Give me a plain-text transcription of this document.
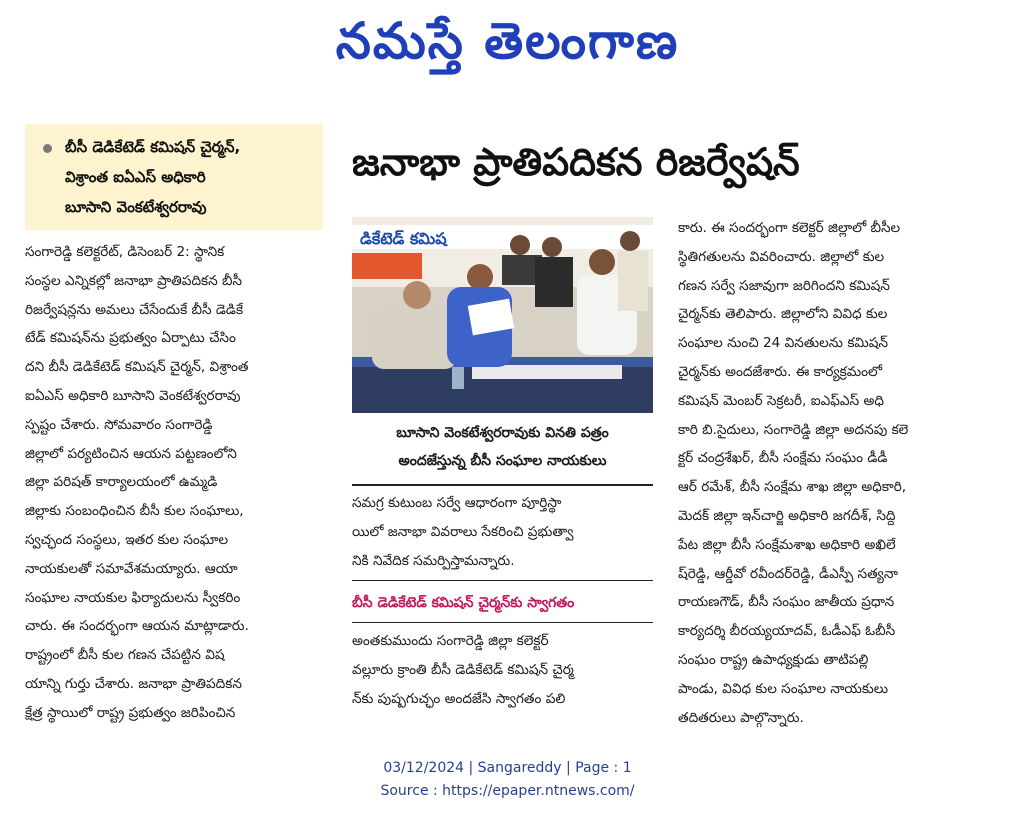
నమస్తే తెలంగాణ
బీసీ డెడికేటెడ్ కమిషన్ చైర్మన్,
విశ్రాంత ఐఏఎస్ అధికారి
బూసాని వెంకటేశ్వరరావు
జనాభా ప్రాతిపదికన రిజర్వేషన్
డికేటెడ్ కమిష
బూసాని వెంకటేశ్వరరావుకు వినతి పత్రం
అందజేస్తున్న బీసీ సంఘాల నాయకులు
సంగారెడ్డి కలెక్టరేట్, డిసెంబర్ 2: స్థానిక
సంస్థల ఎన్నికల్లో జనాభా ప్రాతిపదికన బీసీ
రిజర్వేషన్లను అమలు చేసేందుకే బీసీ డెడికే
టేడ్ కమిషన్‌ను ప్రభుత్వం ఏర్పాటు చేసిం
దని బీసీ డెడికేటెడ్ కమిషన్ చైర్మన్, విశ్రాంత
ఐఏఎస్ అధికారి బూసాని వెంకటేశ్వరరావు
స్పష్టం చేశారు. సోమవారం సంగారెడ్డి
జిల్లాలో పర్యటించిన ఆయన పట్టణంలోని
జిల్లా పరిషత్ కార్యాలయంలో ఉమ్మడి
జిల్లాకు సంబంధించిన బీసీ కుల సంఘాలు,
స్వచ్ఛంద సంస్థలు, ఇతర కుల సంఘాల
నాయకులతో సమావేశమయ్యారు. ఆయా
సంఘాల నాయకుల ఫిర్యాదులను స్వీకరిం
చారు. ఈ సందర్భంగా ఆయన మాట్లాడారు.
రాష్ట్రంలో బీసీ కుల గణన చేపట్టిన విష
యాన్ని గుర్తు చేశారు. జనాభా ప్రాతిపదికన
క్షేత్ర స్థాయిలో రాష్ట్ర ప్రభుత్వం జరిపించిన
సమగ్ర కుటుంబ సర్వే ఆధారంగా పూర్తిస్థా
యిలో జనాభా వివరాలు సేకరించి ప్రభుత్వా
నికి నివేదిక సమర్పిస్తామన్నారు.
బీసీ డెడికేటెడ్ కమిషన్ చైర్మన్‌కు స్వాగతం
అంతకుముందు సంగారెడ్డి జిల్లా కలెక్టర్
వల్లూరు క్రాంతి బీసీ డెడికేటెడ్ కమిషన్ చైర్మ
న్‌కు పుష్పగుచ్ఛం అందజేసి స్వాగతం పలి
కారు. ఈ సందర్భంగా కలెక్టర్ జిల్లాలో బీసీల
స్థితిగతులను వివరించారు. జిల్లాలో కుల
గణన సర్వే సజావుగా జరిగిందని కమిషన్
చైర్మన్‌కు తెలిపారు. జిల్లాలోని వివిధ కుల
సంఘాల నుంచి 24 వినతులను కమిషన్
చైర్మన్‌కు అందజేశారు. ఈ కార్యక్రమంలో
కమిషన్ మెంబర్ సెక్రటరీ, ఐఎఫ్ఎస్ అధి
కారి బి.సైదులు, సంగారెడ్డి జిల్లా అదనపు కలె
క్టర్ చంద్రశేఖర్, బీసీ సంక్షేమ సంఘం డీడీ
ఆర్ రమేశ్, బీసీ సంక్షేమ శాఖ జిల్లా అధికారి,
మెదక్ జిల్లా ఇన్‌చార్జి అధికారి జగదీశ్, సిద్ది
పేట జిల్లా బీసీ సంక్షేమశాఖ అధికారి అఖిలే
ష్‌రెడ్డి, ఆర్డీవో రవీందర్‌రెడ్డి, డీఎస్పీ సత్యనా
రాయణగౌడ్, బీసీ సంఘం జాతీయ ప్రధాన
కార్యదర్శి బీరయ్యయాదవ్, ఓడీఎఫ్ ఓబీసీ
సంఘం రాష్ట్ర ఉపాధ్యక్షుడు తాటిపల్లి
పాండు, వివిధ కుల సంఘాల నాయకులు
తదితరులు పాల్గొన్నారు.
03/12/2024 | Sangareddy | Page : 1
Source : https://epaper.ntnews.com/
